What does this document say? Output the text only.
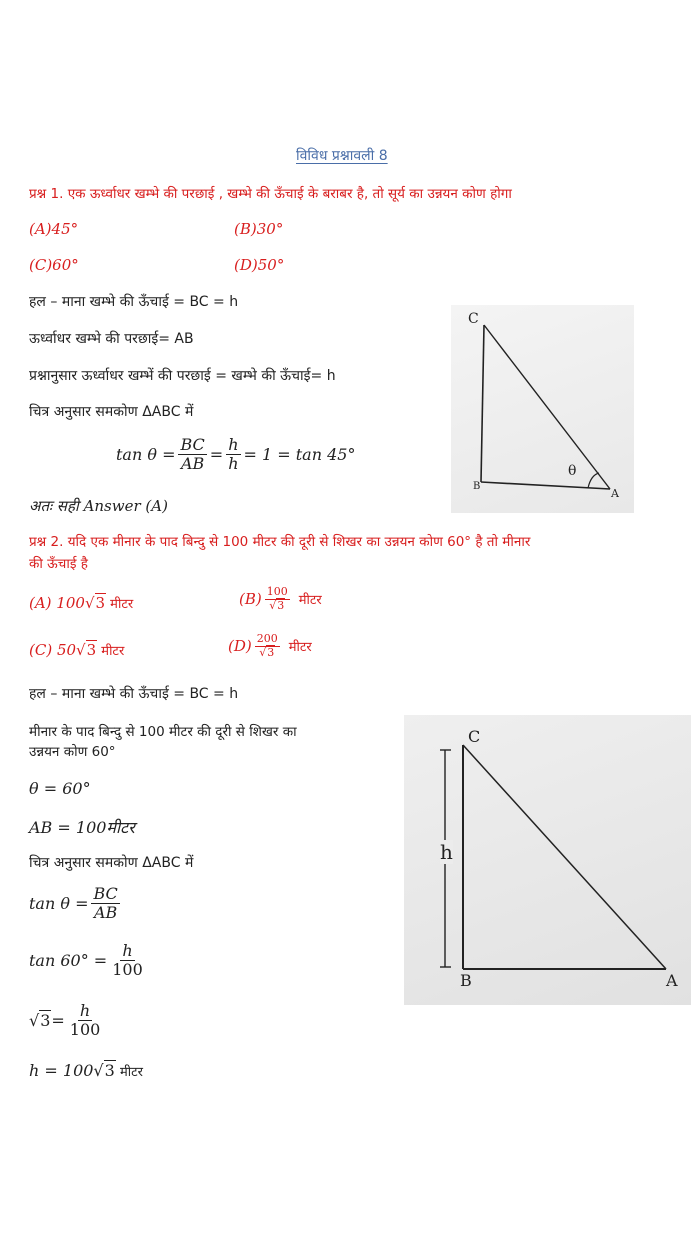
विविध प्रश्नावली 8
प्रश्न 1. एक ऊर्ध्वाधर खम्भे की परछाई , खम्भे की ऊँचाई के बराबर है, तो सूर्य का उन्नयन कोण होगा
(A)45°	(B)30°
(C)60°	(D)50°
हल – माना खम्भे की ऊँचाई = BC = h
ऊर्ध्वाधर खम्भे की परछाई= AB
प्रश्नानुसार ऊर्ध्वाधर खम्भें की परछाई = खम्भे की ऊँचाई= h
चित्र अनुसार समकोण ΔABC में
$\tan \theta = \frac{BC}{AB} = \frac{h}{h} = 1 = \tan 45^\circ$
अतः सही Answer (A)
C
B
A
θ
प्रश्न 2. यदि एक मीनार के पाद बिन्दु से 100 मीटर की दूरी से शिखर का उन्नयन कोण 60° है तो मीनार
की ऊँचाई है
(A) 100√3 मीटर	$(B) \frac{100}{√3}$ मीटर
(C) 50√3 मीटर	$(D) \frac{200}{√3}$ मीटर
हल – माना खम्भे की ऊँचाई = BC = h
मीनार के पाद बिन्दु से 100 मीटर की दूरी से शिखर का
उन्नयन कोण 60°
θ = 60°
AB = 100मीटर
चित्र अनुसार समकोण ΔABC में
$\tan \theta = \frac{BC}{AB}$
$\tan 60^\circ = \frac{h}{100}$
$√3 = \frac{h}{100}$
h = 100√3 मीटर
C
B	A
h
